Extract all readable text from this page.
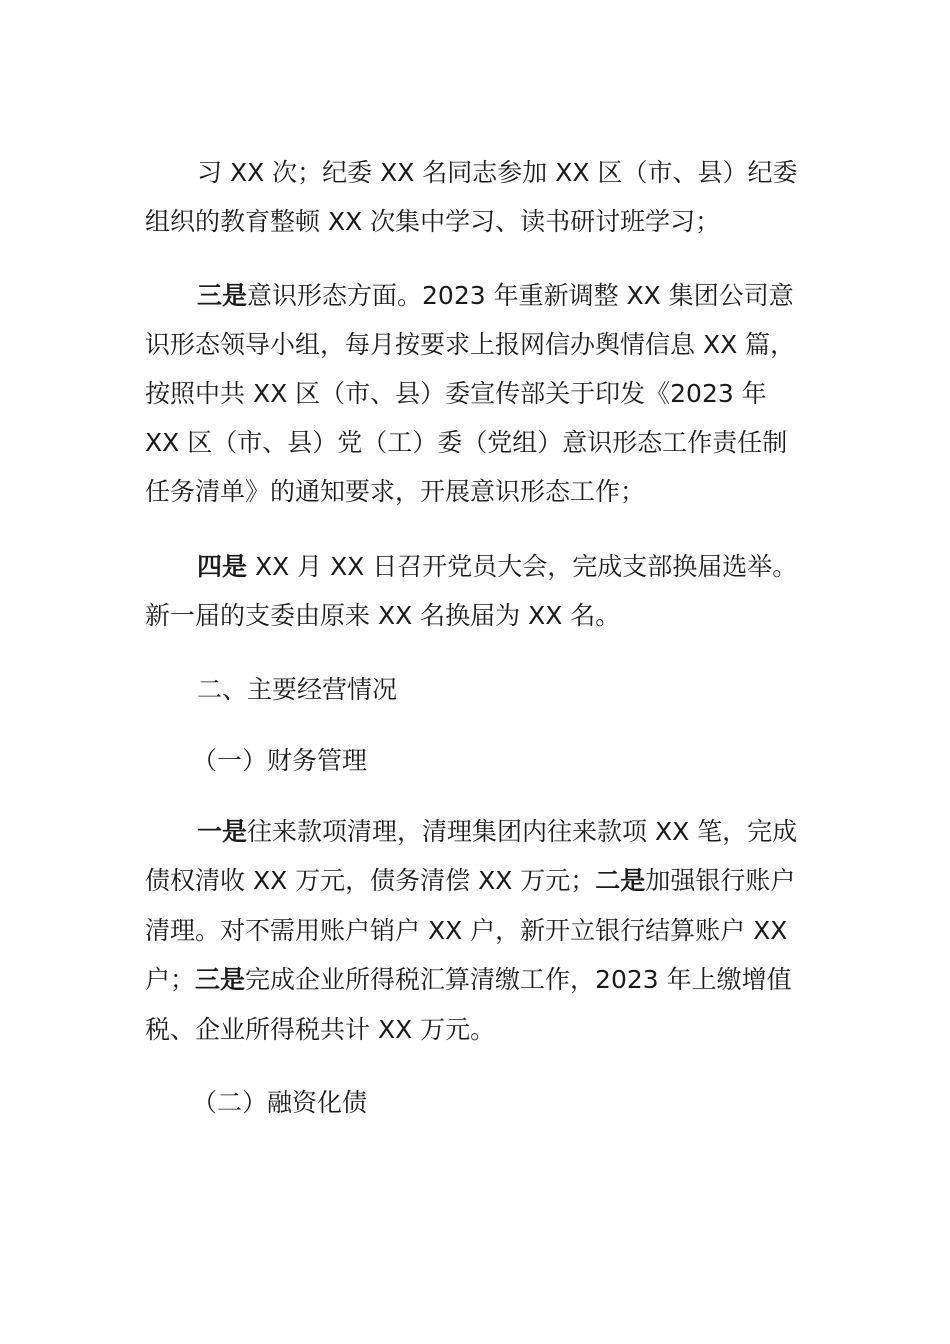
习 XX 次；纪委 XX 名同志参加 XX 区（市、县）纪委
组织的教育整顿 XX 次集中学习、读书研讨班学习；
三是意识形态方面。2023 年重新调整 XX 集团公司意
识形态领导小组，每月按要求上报网信办舆情信息 XX 篇，
按照中共 XX 区（市、县）委宣传部关于印发《2023 年
XX 区（市、县）党（工）委（党组）意识形态工作责任制
任务清单》的通知要求，开展意识形态工作；
四是 XX 月 XX 日召开党员大会，完成支部换届选举。
新一届的支委由原来 XX 名换届为 XX 名。
二、主要经营情况
（一）财务管理
一是往来款项清理，清理集团内往来款项 XX 笔，完成
债权清收 XX 万元，债务清偿 XX 万元；二是加强银行账户
清理。对不需用账户销户 XX 户，新开立银行结算账户 XX
户；三是完成企业所得税汇算清缴工作，2023 年上缴增值
税、企业所得税共计 XX 万元。
（二）融资化债
